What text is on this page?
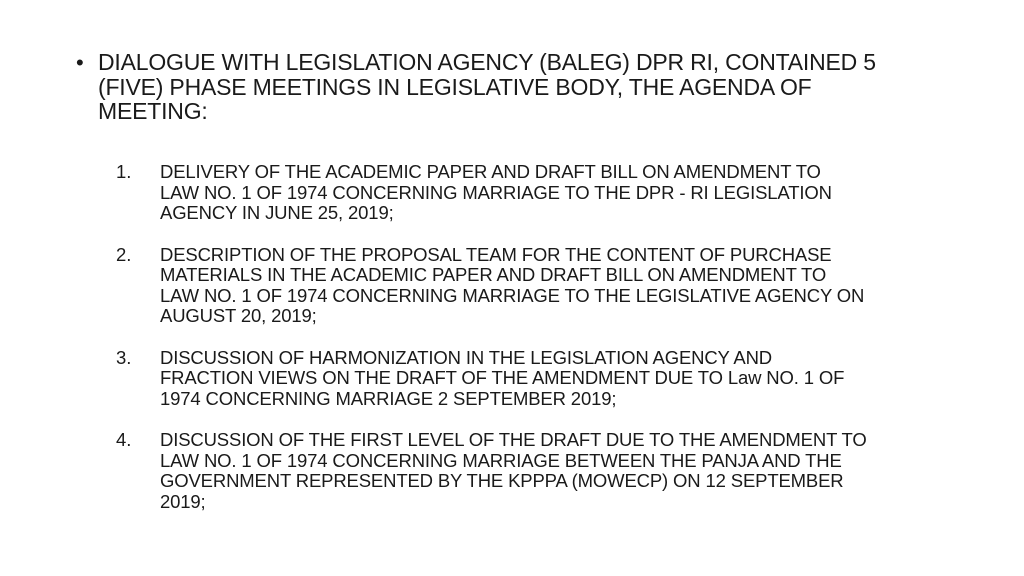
• DIALOGUE WITH LEGISLATION AGENCY (BALEG) DPR RI, CONTAINED 5
(FIVE) PHASE MEETINGS IN LEGISLATIVE BODY, THE AGENDA OF
MEETING:
1.	DELIVERY OF THE ACADEMIC PAPER AND DRAFT BILL ON AMENDMENT TO
LAW NO. 1 OF 1974 CONCERNING MARRIAGE TO THE DPR - RI LEGISLATION
AGENCY IN JUNE 25, 2019;
2.	DESCRIPTION OF THE PROPOSAL TEAM FOR THE CONTENT OF PURCHASE
MATERIALS IN THE ACADEMIC PAPER AND DRAFT BILL ON AMENDMENT TO
LAW NO. 1 OF 1974 CONCERNING MARRIAGE TO THE LEGISLATIVE AGENCY ON
AUGUST 20, 2019;
3.	DISCUSSION OF HARMONIZATION IN THE LEGISLATION AGENCY AND
FRACTION VIEWS ON THE DRAFT OF THE AMENDMENT DUE TO Law NO. 1 OF
1974 CONCERNING MARRIAGE 2 SEPTEMBER 2019;
4.	DISCUSSION OF THE FIRST LEVEL OF THE DRAFT DUE TO THE AMENDMENT TO
LAW NO. 1 OF 1974 CONCERNING MARRIAGE BETWEEN THE PANJA AND THE
GOVERNMENT REPRESENTED BY THE KPPPA (MOWECP) ON 12 SEPTEMBER
2019;
